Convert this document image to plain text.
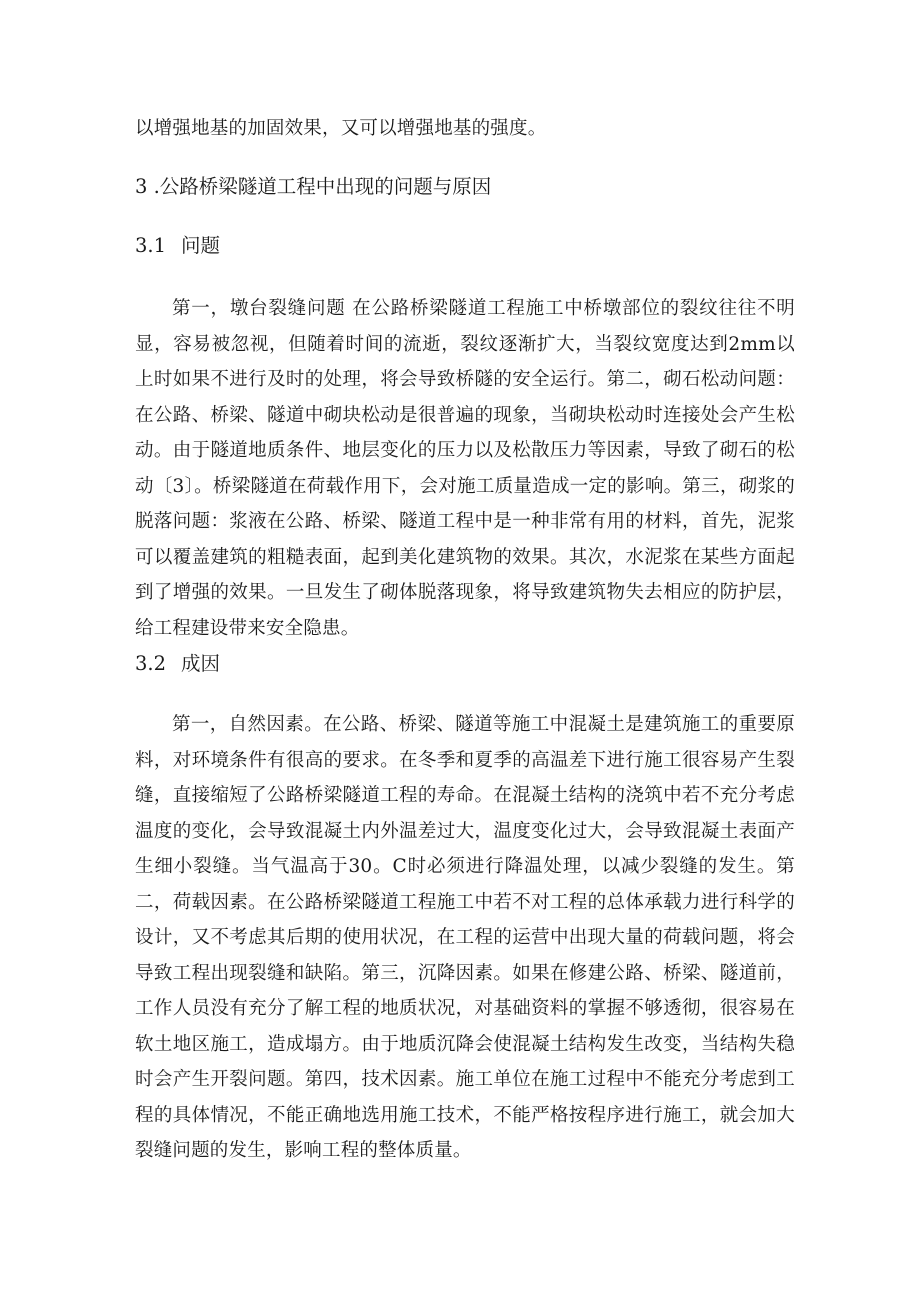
以增强地基的加固效果，又可以增强地基的强度。
3 .公路桥梁隧道工程中出现的问题与原因
3.1 问题

第一，墩台裂缝问题 在公路桥梁隧道工程施工中桥墩部位的裂纹往往不明显，容易被忽视，但随着时间的流逝，裂纹逐渐扩大，当裂纹宽度达到2mm以上时如果不进行及时的处理，将会导致桥隧的安全运行。第二，砌石松动问题：在公路、桥梁、隧道中砌块松动是很普遍的现象，当砌块松动时连接处会产生松动。由于隧道地质条件、地层变化的压力以及松散压力等因素，导致了砌石的松动〔3〕。桥梁隧道在荷载作用下，会对施工质量造成一定的影响。第三，砌浆的脱落问题：浆液在公路、桥梁、隧道工程中是一种非常有用的材料，首先，泥浆可以覆盖建筑的粗糙表面，起到美化建筑物的效果。其次，水泥浆在某些方面起到了增强的效果。一旦发生了砌体脱落现象，将导致建筑物失去相应的防护层，给工程建设带来安全隐患。

3.2 成因

第一，自然因素。在公路、桥梁、隧道等施工中混凝土是建筑施工的重要原料，对环境条件有很高的要求。在冬季和夏季的高温差下进行施工很容易产生裂缝，直接缩短了公路桥梁隧道工程的寿命。在混凝土结构的浇筑中若不充分考虑温度的变化，会导致混凝土内外温差过大，温度变化过大，会导致混凝土表面产生细小裂缝。当气温高于30。C时必须进行降温处理，以减少裂缝的发生。第二，荷载因素。在公路桥梁隧道工程施工中若不对工程的总体承载力进行科学的设计，又不考虑其后期的使用状况，在工程的运营中出现大量的荷载问题，将会导致工程出现裂缝和缺陷。第三，沉降因素。如果在修建公路、桥梁、隧道前，工作人员没有充分了解工程的地质状况，对基础资料的掌握不够透彻，很容易在软土地区施工，造成塌方。由于地质沉降会使混凝土结构发生改变，当结构失稳时会产生开裂问题。第四，技术因素。施工单位在施工过程中不能充分考虑到工程的具体情况，不能正确地选用施工技术，不能严格按程序进行施工，就会加大裂缝问题的发生，影响工程的整体质量。
